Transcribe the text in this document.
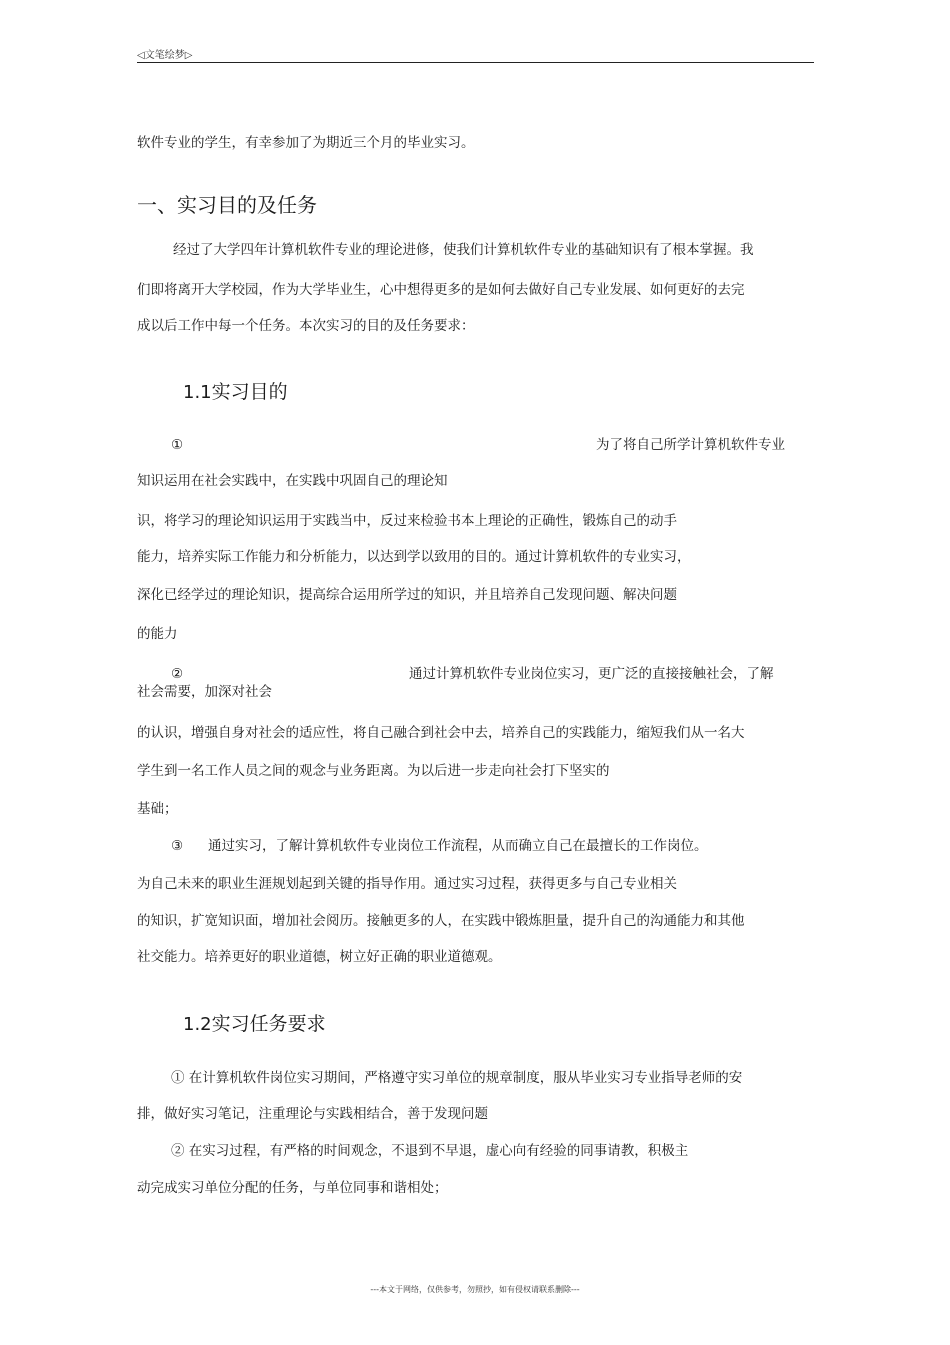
◁文笔绘梦▷
软件专业的学生，有幸参加了为期近三个月的毕业实习。
一、实习目的及任务
经过了大学四年计算机软件专业的理论进修，使我们计算机软件专业的基础知识有了根本掌握。我
们即将离开大学校园，作为大学毕业生，心中想得更多的是如何去做好自己专业发展、如何更好的去完
成以后工作中每一个任务。本次实习的目的及任务要求：
1.1实习目的
①	为了将自己所学计算机软件专业
知识运用在社会实践中，在实践中巩固自己的理论知
识，将学习的理论知识运用于实践当中，反过来检验书本上理论的正确性，锻炼自己的动手
能力，培养实际工作能力和分析能力，以达到学以致用的目的。通过计算机软件的专业实习，
深化已经学过的理论知识，提高综合运用所学过的知识，并且培养自己发现问题、解决问题
的能力
②	通过计算机软件专业岗位实习，更广泛的直接接触社会，了解
社会需要，加深对社会
的认识，增强自身对社会的适应性，将自己融合到社会中去，培养自己的实践能力，缩短我们从一名大
学生到一名工作人员之间的观念与业务距离。为以后进一步走向社会打下坚实的
基础；
③ 通过实习，了解计算机软件专业岗位工作流程，从而确立自己在最擅长的工作岗位。
为自己未来的职业生涯规划起到关键的指导作用。通过实习过程，获得更多与自己专业相关
的知识，扩宽知识面，增加社会阅历。接触更多的人，在实践中锻炼胆量，提升自己的沟通能力和其他
社交能力。培养更好的职业道德，树立好正确的职业道德观。
1.2实习任务要求
① 在计算机软件岗位实习期间，严格遵守实习单位的规章制度，服从毕业实习专业指导老师的安
排，做好实习笔记，注重理论与实践相结合，善于发现问题
② 在实习过程，有严格的时间观念，不退到不早退，虚心向有经验的同事请教，积极主
动完成实习单位分配的任务，与单位同事和谐相处；
---本文于网络，仅供参考，勿照抄，如有侵权请联系删除---
